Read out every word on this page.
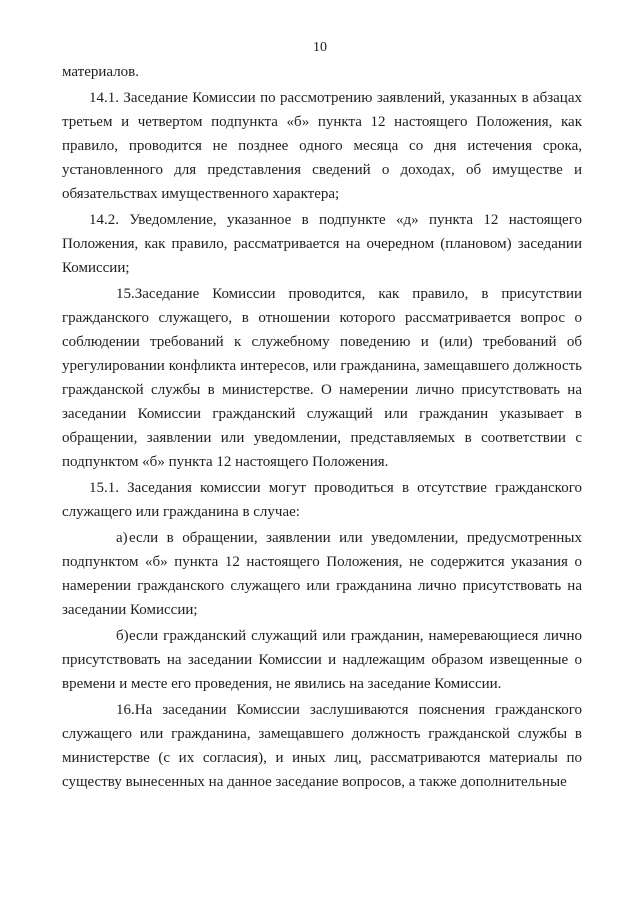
10

материалов.

14.1. Заседание Комиссии по рассмотрению заявлений, указанных в абзацах третьем и четвертом подпункта «б» пункта 12 настоящего Положения, как правило, проводится не позднее одного месяца со дня истечения срока, установленного для представления сведений о доходах, об имуществе и обязательствах имущественного характера;

14.2. Уведомление, указанное в подпункте «д» пункта 12 настоящего Положения, как правило, рассматривается на очередном (плановом) заседании Комиссии;

15.Заседание Комиссии проводится, как правило, в присутствии гражданского служащего, в отношении которого рассматривается вопрос о соблюдении требований к служебному поведению и (или) требований об урегулировании конфликта интересов, или гражданина, замещавшего должность гражданской службы в министерстве. О намерении лично присутствовать на заседании Комиссии гражданский служащий или гражданин указывает в обращении, заявлении или уведомлении, представляемых в соответствии с подпунктом «б» пункта 12 настоящего Положения.

15.1. Заседания комиссии могут проводиться в отсутствие гражданского служащего или гражданина в случае:

а)если в обращении, заявлении или уведомлении, предусмотренных подпунктом «б» пункта 12 настоящего Положения, не содержится указания о намерении гражданского служащего или гражданина лично присутствовать на заседании Комиссии;

б)если гражданский служащий или гражданин, намеревающиеся лично присутствовать на заседании Комиссии и надлежащим образом извещенные о времени и месте его проведения, не явились на заседание Комиссии.

16.На заседании Комиссии заслушиваются пояснения гражданского служащего или гражданина, замещавшего должность гражданской службы в министерстве (с их согласия), и иных лиц, рассматриваются материалы по существу вынесенных на данное заседание вопросов, а также дополнительные
